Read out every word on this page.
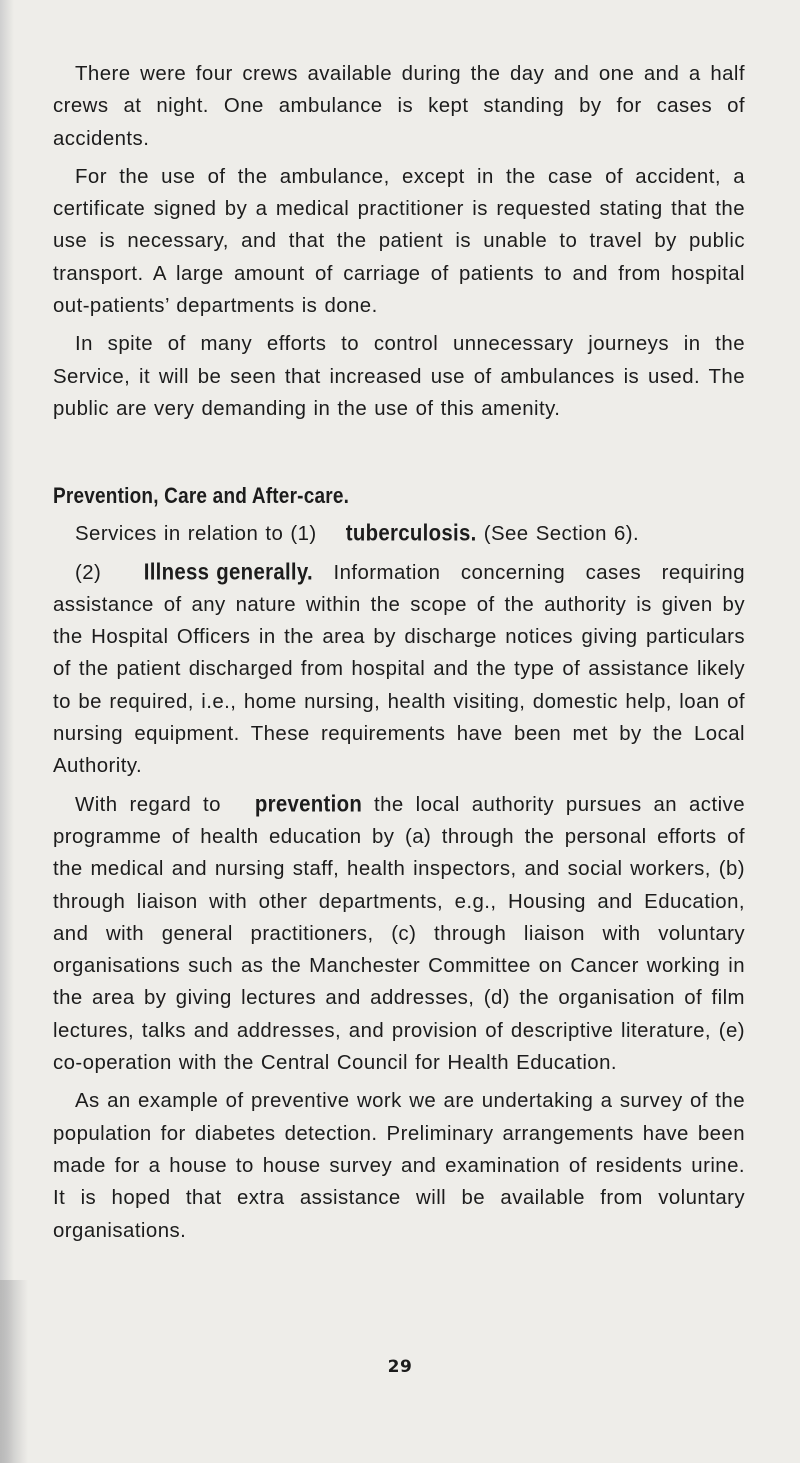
There were four crews available during the day and one and a half crews at night. One ambulance is kept standing by for cases of accidents.

For the use of the ambulance, except in the case of accident, a certificate signed by a medical practitioner is requested stating that the use is necessary, and that the patient is unable to travel by public transport. A large amount of carriage of patients to and from hospital out-patients’ departments is done.

In spite of many efforts to control unnecessary journeys in the Service, it will be seen that increased use of ambulances is used. The public are very demanding in the use of this amenity.

Prevention, Care and After-care.

Services in relation to (1) tuberculosis. (See Section 6).

(2) Illness generally. Information concerning cases requiring assistance of any nature within the scope of the authority is given by the Hospital Officers in the area by discharge notices giving particulars of the patient discharged from hospital and the type of assistance likely to be required, i.e., home nursing, health visiting, domestic help, loan of nursing equipment. These requirements have been met by the Local Authority.

With regard to prevention the local authority pursues an active programme of health education by (a) through the personal efforts of the medical and nursing staff, health inspectors, and social workers, (b) through liaison with other departments, e.g., Housing and Education, and with general practitioners, (c) through liaison with voluntary organisations such as the Manchester Committee on Cancer working in the area by giving lectures and addresses, (d) the organisation of film lectures, talks and addresses, and provision of descriptive literature, (e) co-operation with the Central Council for Health Education.

As an example of preventive work we are undertaking a survey of the population for diabetes detection. Preliminary arrangements have been made for a house to house survey and examination of residents urine. It is hoped that extra assistance will be available from voluntary organisations.

29
